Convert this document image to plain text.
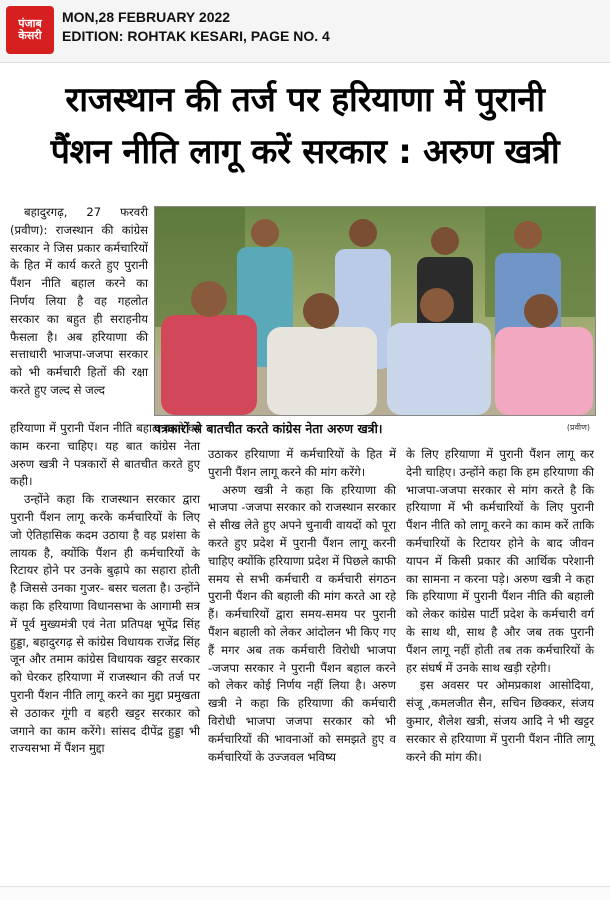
पंजाब
केसरी
MON,28 FEBRUARY 2022
EDITION: ROHTAK KESARI, PAGE NO. 4
राजस्थान की तर्ज पर हरियाणा में पुरानी
पैंशन नीति लागू करें सरकार : अरुण खत्री

बहादुरगढ़, 27 फरवरी (प्रवीण): राजस्थान की कांग्रेस सरकार ने जिस प्रकार कर्मचारियों के हित में कार्य करते हुए पुरानी पैंशन नीति बहाल करने का निर्णय लिया है वह गहलोत सरकार का बहुत ही सराहनीय फैसला है। अब हरियाणा की सत्ताधारी भाजपा-जजपा सरकार को भी कर्मचारी हितों की रक्षा करते हुए जल्द से जल्द

पत्रकारों से बातचीत करते कांग्रेस नेता अरुण खत्री।	(प्रवीण)

हरियाणा में पुरानी पेंशन नीति बहाल करने का काम करना चाहिए। यह बात कांग्रेस नेता अरुण खत्री ने पत्रकारों से बातचीत करते हुए कही।

उन्होंने कहा कि राजस्थान सरकार द्वारा पुरानी पैंशन लागू करके कर्मचारियों के लिए जो ऐतिहासिक कदम उठाया है वह प्रशंसा के लायक है, क्योंकि पैंशन ही कर्मचारियों के रिटायर होने पर उनके बुढ़ापे का सहारा होती है जिससे उनका गुजर- बसर चलता है। उन्होंने कहा कि हरियाणा विधानसभा के आगामी सत्र में पूर्व मुख्यमंत्री एवं नेता प्रतिपक्ष भूपेंद्र सिंह हुड्डा, बहादुरगढ़ से कांग्रेस विधायक राजेंद्र सिंह जून और तमाम कांग्रेस विधायक खट्टर सरकार को घेरकर हरियाणा में राजस्थान की तर्ज पर पुरानी पैंशन नीति लागू करने का मुद्दा प्रमुखता से उठाकर गूंगी व बहरी खट्टर सरकार को जगाने का काम करेंगे। सांसद दीपेंद्र हुड्डा भी राज्यसभा में पैंशन मुद्दा

उठाकर हरियाणा में कर्मचारियों के हित में पुरानी पैंशन लागू करने की मांग करेंगे।

अरुण खत्री ने कहा कि हरियाणा की भाजपा -जजपा सरकार को राजस्थान सरकार से सीख लेते हुए अपने चुनावी वायदों को पूरा करते हुए प्रदेश में पुरानी पैंशन लागू करनी चाहिए क्योंकि हरियाणा प्रदेश में पिछले काफी समय से सभी कर्मचारी व कर्मचारी संगठन पुरानी पैंशन की बहाली की मांग करते आ रहे हैं। कर्मचारियों द्वारा समय-समय पर पुरानी पैंशन बहाली को लेकर आंदोलन भी किए गए हैं मगर अब तक कर्मचारी विरोधी भाजपा -जजपा सरकार ने पुरानी पैंशन बहाल करने को लेकर कोई निर्णय नहीं लिया है। अरुण खत्री ने कहा कि हरियाणा की कर्मचारी विरोधी भाजपा जजपा सरकार को भी कर्मचारियों की भावनाओं को समझते हुए व कर्मचारियों के उज्जवल भविष्य

के लिए हरियाणा में पुरानी पैंशन लागू कर देनी चाहिए। उन्होंने कहा कि हम हरियाणा की भाजपा-जजपा सरकार से मांग करते है कि हरियाणा में भी कर्मचारियों के लिए पुरानी पैंशन नीति को लागू करने का काम करें ताकि कर्मचारियों के रिटायर होने के बाद जीवन यापन में किसी प्रकार की आर्थिक परेशानी का सामना न करना पड़े। अरुण खत्री ने कहा कि हरियाणा में पुरानी पैंशन नीति की बहाली को लेकर कांग्रेस पार्टी प्रदेश के कर्मचारी वर्ग के साथ थी, साथ है और जब तक पुरानी पैंशन लागू नहीं होती तब तक कर्मचारियों के हर संघर्ष में उनके साथ खड़ी रहेगी।

इस अवसर पर ओमप्रकाश आसोदिया, संजू ,कमलजीत सैन, सचिन छिक्कर, संजय कुमार, शैलेश खत्री, संजय आदि ने भी खट्टर सरकार से हरियाणा में पुरानी पैंशन नीति लागू करने की मांग की।
